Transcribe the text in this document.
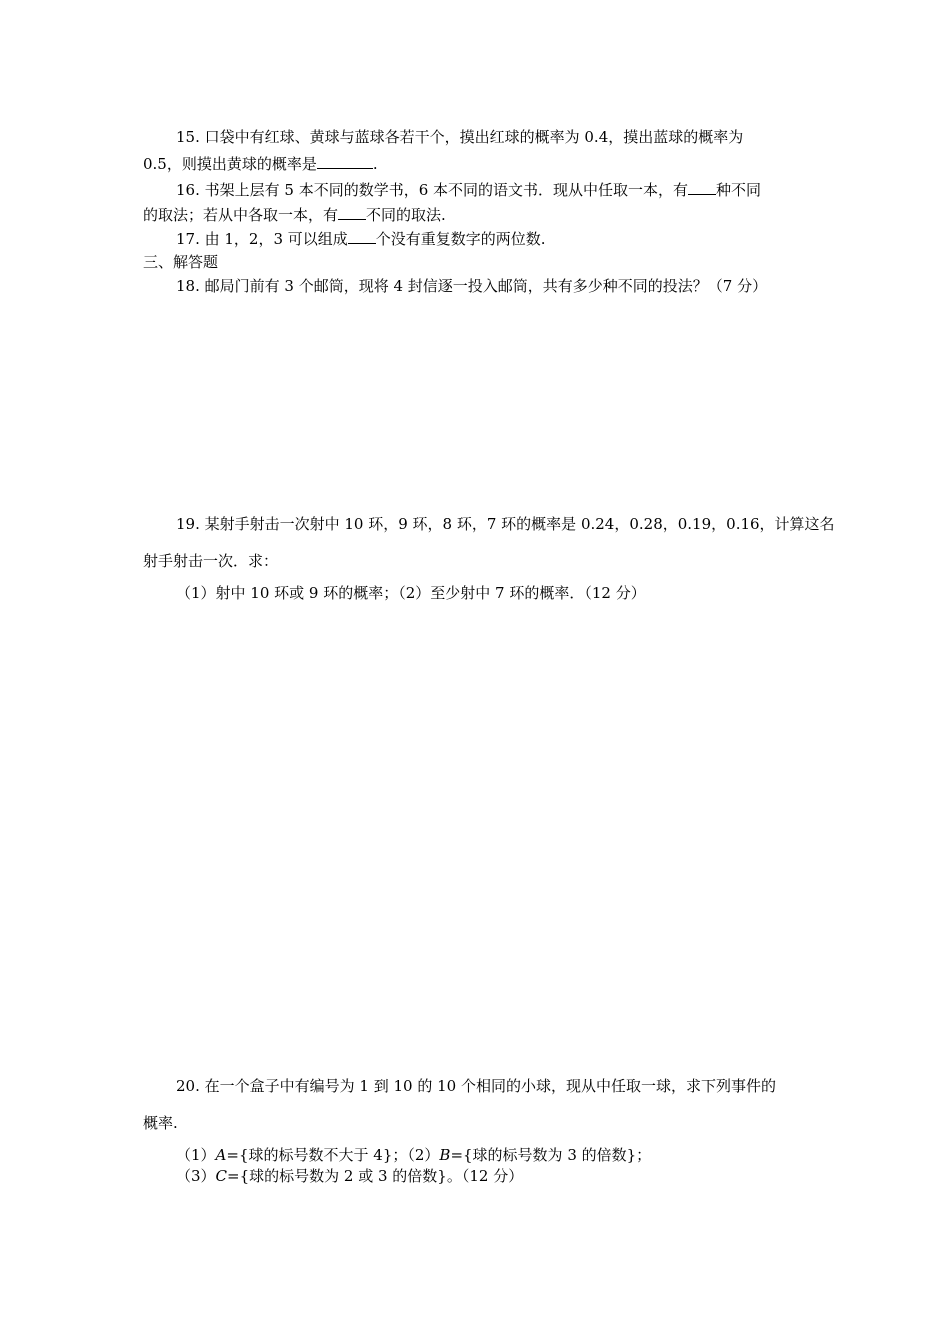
15. 口袋中有红球、黄球与蓝球各若干个，摸出红球的概率为 0.4，摸出蓝球的概率为
0.5，则摸出黄球的概率是	.
16. 书架上层有 5 本不同的数学书，6 本不同的语文书．现从中任取一本，有 种不同
的取法；若从中各取一本，有 不同的取法.
17. 由 1，2，3 可以组成 个没有重复数字的两位数.
三、解答题
18. 邮局门前有 3 个邮筒，现将 4 封信逐一投入邮筒，共有多少种不同的投法？（7 分）
19. 某射手射击一次射中 10 环，9 环，8 环，7 环的概率是 0.24，0.28，0.19，0.16，计算这名
射手射击一次．求：
（1）射中 10 环或 9 环的概率；（2）至少射中 7 环的概率．（12 分）
20. 在一个盒子中有编号为 1 到 10 的 10 个相同的小球，现从中任取一球，求下列事件的
概率.
（1）A={球的标号数不大于 4}；（2）B={球的标号数为 3 的倍数}；
（3）C={球的标号数为 2 或 3 的倍数}。（12 分）
